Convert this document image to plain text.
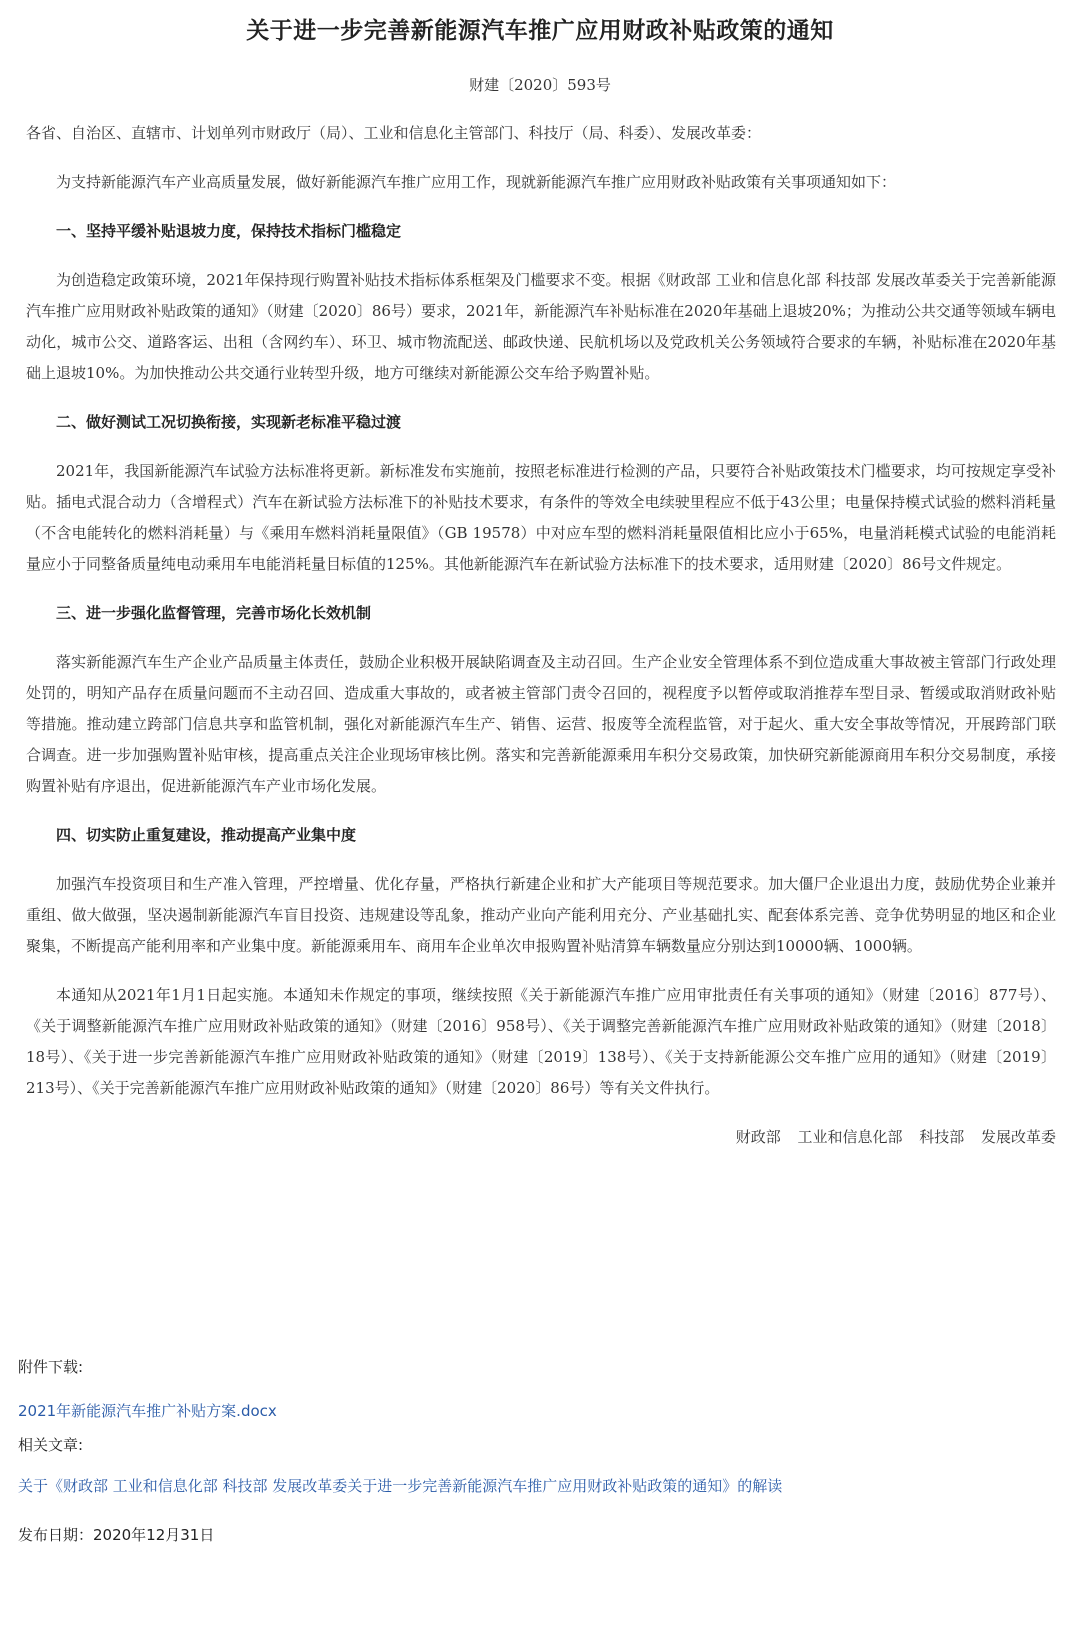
关于进一步完善新能源汽车推广应用财政补贴政策的通知
财建〔2020〕593号

各省、自治区、直辖市、计划单列市财政厅（局）、工业和信息化主管部门、科技厅（局、科委）、发展改革委：

为支持新能源汽车产业高质量发展，做好新能源汽车推广应用工作，现就新能源汽车推广应用财政补贴政策有关事项通知如下：

一、坚持平缓补贴退坡力度，保持技术指标门槛稳定

为创造稳定政策环境，2021年保持现行购置补贴技术指标体系框架及门槛要求不变。根据《财政部 工业和信息化部 科技部 发展改革委关于完善新能源汽车推广应用财政补贴政策的通知》（财建〔2020〕86号）要求，2021年，新能源汽车补贴标准在2020年基础上退坡20%；为推动公共交通等领域车辆电动化，城市公交、道路客运、出租（含网约车）、环卫、城市物流配送、邮政快递、民航机场以及党政机关公务领域符合要求的车辆，补贴标准在2020年基础上退坡10%。为加快推动公共交通行业转型升级，地方可继续对新能源公交车给予购置补贴。

二、做好测试工况切换衔接，实现新老标准平稳过渡

2021年，我国新能源汽车试验方法标准将更新。新标准发布实施前，按照老标准进行检测的产品，只要符合补贴政策技术门槛要求，均可按规定享受补贴。插电式混合动力（含增程式）汽车在新试验方法标准下的补贴技术要求，有条件的等效全电续驶里程应不低于43公里；电量保持模式试验的燃料消耗量（不含电能转化的燃料消耗量）与《乘用车燃料消耗量限值》（GB 19578）中对应车型的燃料消耗量限值相比应小于65%，电量消耗模式试验的电能消耗量应小于同整备质量纯电动乘用车电能消耗量目标值的125%。其他新能源汽车在新试验方法标准下的技术要求，适用财建〔2020〕86号文件规定。

三、进一步强化监督管理，完善市场化长效机制

落实新能源汽车生产企业产品质量主体责任，鼓励企业积极开展缺陷调查及主动召回。生产企业安全管理体系不到位造成重大事故被主管部门行政处理处罚的，明知产品存在质量问题而不主动召回、造成重大事故的，或者被主管部门责令召回的，视程度予以暂停或取消推荐车型目录、暂缓或取消财政补贴等措施。推动建立跨部门信息共享和监管机制，强化对新能源汽车生产、销售、运营、报废等全流程监管，对于起火、重大安全事故等情况，开展跨部门联合调查。进一步加强购置补贴审核，提高重点关注企业现场审核比例。落实和完善新能源乘用车积分交易政策，加快研究新能源商用车积分交易制度，承接购置补贴有序退出，促进新能源汽车产业市场化发展。

四、切实防止重复建设，推动提高产业集中度

加强汽车投资项目和生产准入管理，严控增量、优化存量，严格执行新建企业和扩大产能项目等规范要求。加大僵尸企业退出力度，鼓励优势企业兼并重组、做大做强，坚决遏制新能源汽车盲目投资、违规建设等乱象，推动产业向产能利用充分、产业基础扎实、配套体系完善、竞争优势明显的地区和企业聚集，不断提高产能利用率和产业集中度。新能源乘用车、商用车企业单次申报购置补贴清算车辆数量应分别达到10000辆、1000辆。

本通知从2021年1月1日起实施。本通知未作规定的事项，继续按照《关于新能源汽车推广应用审批责任有关事项的通知》（财建〔2016〕877号）、《关于调整新能源汽车推广应用财政补贴政策的通知》（财建〔2016〕958号）、《关于调整完善新能源汽车推广应用财政补贴政策的通知》（财建〔2018〕18号）、《关于进一步完善新能源汽车推广应用财政补贴政策的通知》（财建〔2019〕138号）、《关于支持新能源公交车推广应用的通知》（财建〔2019〕213号）、《关于完善新能源汽车推广应用财政补贴政策的通知》（财建〔2020〕86号）等有关文件执行。

财政部 工业和信息化部 科技部 发展改革委

附件下载:
2021年新能源汽车推广补贴方案.docx
相关文章:
关于《财政部 工业和信息化部 科技部 发展改革委关于进一步完善新能源汽车推广应用财政补贴政策的通知》的解读
发布日期：2020年12月31日
